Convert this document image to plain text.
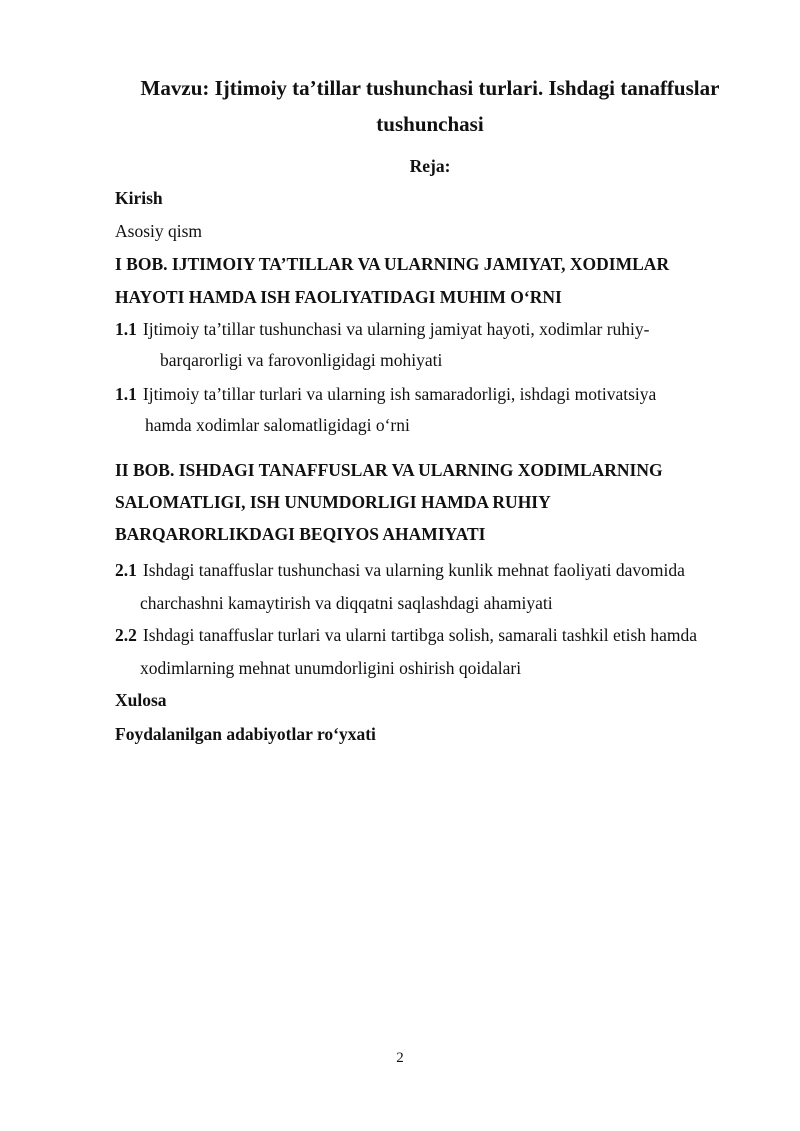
Mavzu: Ijtimoiy ta’tillar tushunchasi turlari. Ishdagi tanaffuslar
tushunchasi
Reja:
Kirish
Asosiy qism
I BOB. IJTIMOIY TA’TILLAR VA ULARNING JAMIYAT, XODIMLAR
HAYOTI HAMDA ISH FAOLIYATIDAGI MUHIM O‘RNI
1.1 Ijtimoiy ta’tillar tushunchasi va ularning jamiyat hayoti, xodimlar ruhiy-
barqarorligi va farovonligidagi mohiyati
1.1 Ijtimoiy ta’tillar turlari va ularning ish samaradorligi, ishdagi motivatsiya
hamda xodimlar salomatligidagi o‘rni
II BOB. ISHDAGI TANAFFUSLAR VA ULARNING XODIMLARNING
SALOMATLIGI, ISH UNUMDORLIGI HAMDA RUHIY
BARQARORLIKDAGI BEQIYOS AHAMIYATI
2.1 Ishdagi tanaffuslar tushunchasi va ularning kunlik mehnat faoliyati davomida
charchashni kamaytirish va diqqatni saqlashdagi ahamiyati
2.2 Ishdagi tanaffuslar turlari va ularni tartibga solish, samarali tashkil etish hamda
xodimlarning mehnat unumdorligini oshirish qoidalari
Xulosa
Foydalanilgan adabiyotlar ro‘yxati
2
